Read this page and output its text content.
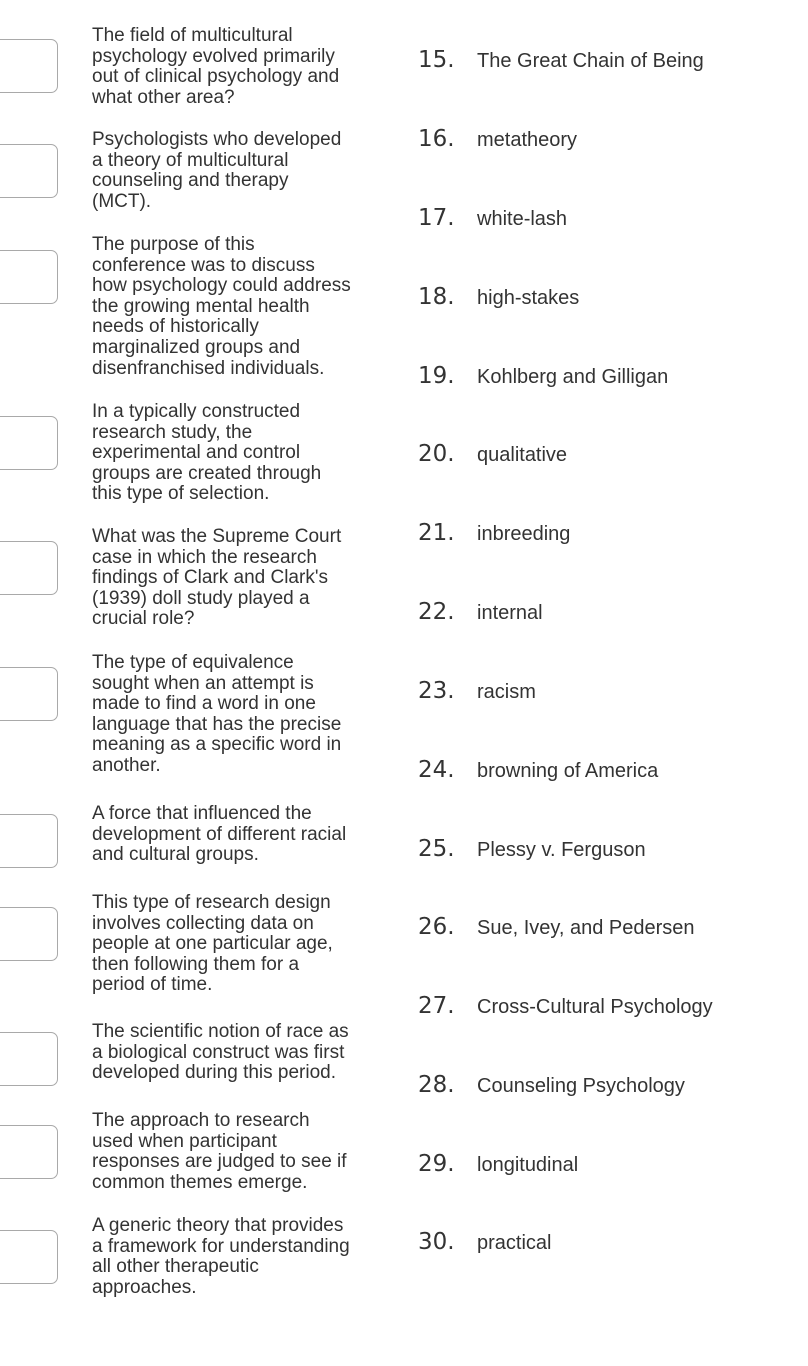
The field of multicultural
psychology evolved primarily
out of clinical psychology and
what other area?

Psychologists who developed
a theory of multicultural
counseling and therapy
(MCT).

The purpose of this
conference was to discuss
how psychology could address
the growing mental health
needs of historically
marginalized groups and
disenfranchised individuals.

In a typically constructed
research study, the
experimental and control
groups are created through
this type of selection.

What was the Supreme Court
case in which the research
findings of Clark and Clark's
(1939) doll study played a
crucial role?

The type of equivalence
sought when an attempt is
made to find a word in one
language that has the precise
meaning as a specific word in
another.

A force that influenced the
development of different racial
and cultural groups.

This type of research design
involves collecting data on
people at one particular age,
then following them for a
period of time.

The scientific notion of race as
a biological construct was first
developed during this period.

The approach to research
used when participant
responses are judged to see if
common themes emerge.

A generic theory that provides
a framework for understanding
all other therapeutic
approaches.

15. The Great Chain of Being
16. metatheory
17. white-lash
18. high-stakes
19. Kohlberg and Gilligan
20. qualitative
21. inbreeding
22. internal
23. racism
24. browning of America
25. Plessy v. Ferguson
26. Sue, Ivey, and Pedersen
27. Cross-Cultural Psychology
28. Counseling Psychology
29. longitudinal
30. practical
